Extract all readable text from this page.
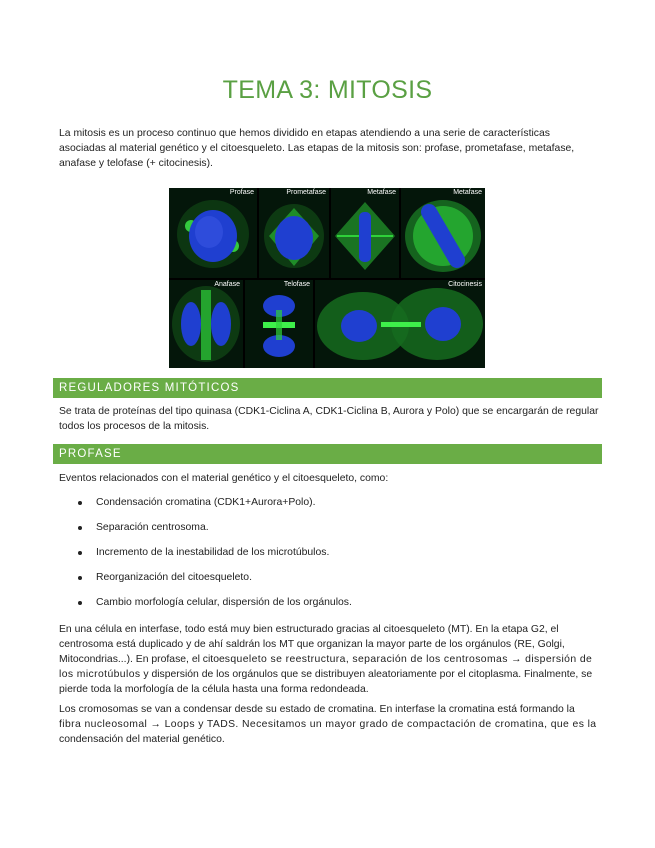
TEMA 3: MITOSIS
La mitosis es un proceso continuo que hemos dividido en etapas atendiendo a una serie de características asociadas al material genético y el citoesqueleto. Las etapas de la mitosis son: profase, prometafase, metafase, anafase y telofase (+ citocinesis).
Profase	Prometafase	Metafase	Metafase
Anafase	Telofase	Citocinesis
REGULADORES MITÓTICOS
Se trata de proteínas del tipo quinasa (CDK1-Ciclina A, CDK1-Ciclina B, Aurora y Polo) que se encargarán de regular todos los procesos de la mitosis.
PROFASE
Eventos relacionados con el material genético y el citoesqueleto, como:
Condensación cromatina (CDK1+Aurora+Polo).
Separación centrosoma.
Incremento de la inestabilidad de los microtúbulos.
Reorganización del citoesqueleto.
Cambio morfología celular, dispersión de los orgánulos.
En una célula en interfase, todo está muy bien estructurado gracias al citoesqueleto (MT). En la etapa G2, el centrosoma está duplicado y de ahí saldrán los MT que organizan la mayor parte de los orgánulos (RE, Golgi, Mitocondrias...). En profase, el citoesqueleto se reestructura, separación de los centrosomas → dispersión de los microtúbulos y dispersión de los orgánulos que se distribuyen aleatoriamente por el citoplasma. Finalmente, se pierde toda la morfología de la célula hasta una forma redondeada.
Los cromosomas se van a condensar desde su estado de cromatina. En interfase la cromatina está formando la fibra nucleosomal → Loops y TADS. Necesitamos un mayor grado de compactación de cromatina, que es la condensación del material genético.
